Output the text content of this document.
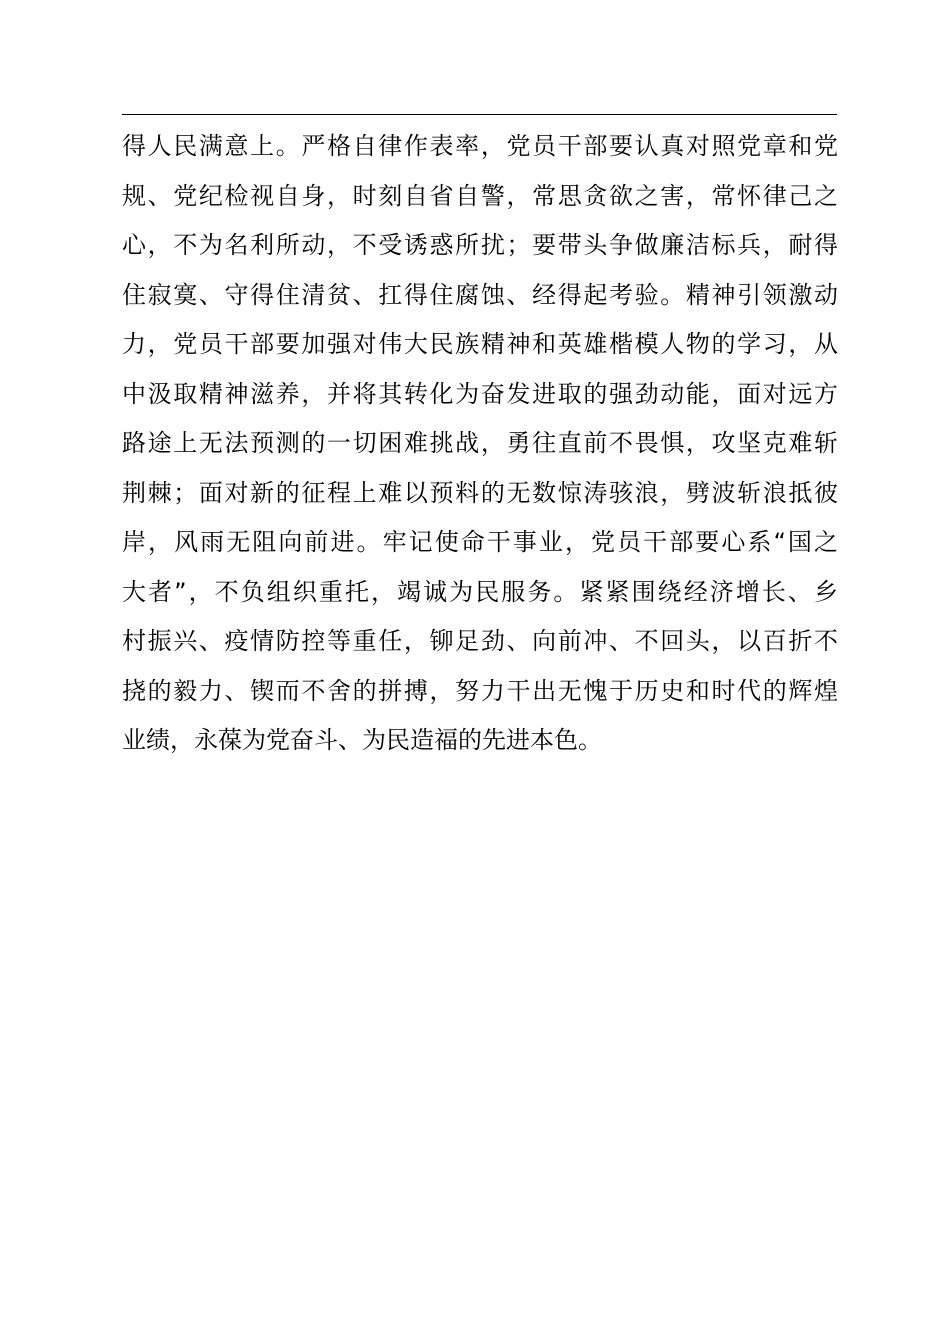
得人民满意上。严格自律作表率，党员干部要认真对照党章和党
规、党纪检视自身，时刻自省自警，常思贪欲之害，常怀律己之
心，不为名利所动，不受诱惑所扰；要带头争做廉洁标兵，耐得
住寂寞、守得住清贫、扛得住腐蚀、经得起考验。精神引领激动
力，党员干部要加强对伟大民族精神和英雄楷模人物的学习，从
中汲取精神滋养，并将其转化为奋发进取的强劲动能，面对远方
路途上无法预测的一切困难挑战，勇往直前不畏惧，攻坚克难斩
荆棘；面对新的征程上难以预料的无数惊涛骇浪，劈波斩浪抵彼
岸，风雨无阻向前进。牢记使命干事业，党员干部要心系“国之
大者”，不负组织重托，竭诚为民服务。紧紧围绕经济增长、乡
村振兴、疫情防控等重任，铆足劲、向前冲、不回头，以百折不
挠的毅力、锲而不舍的拼搏，努力干出无愧于历史和时代的辉煌
业绩，永葆为党奋斗、为民造福的先进本色。
